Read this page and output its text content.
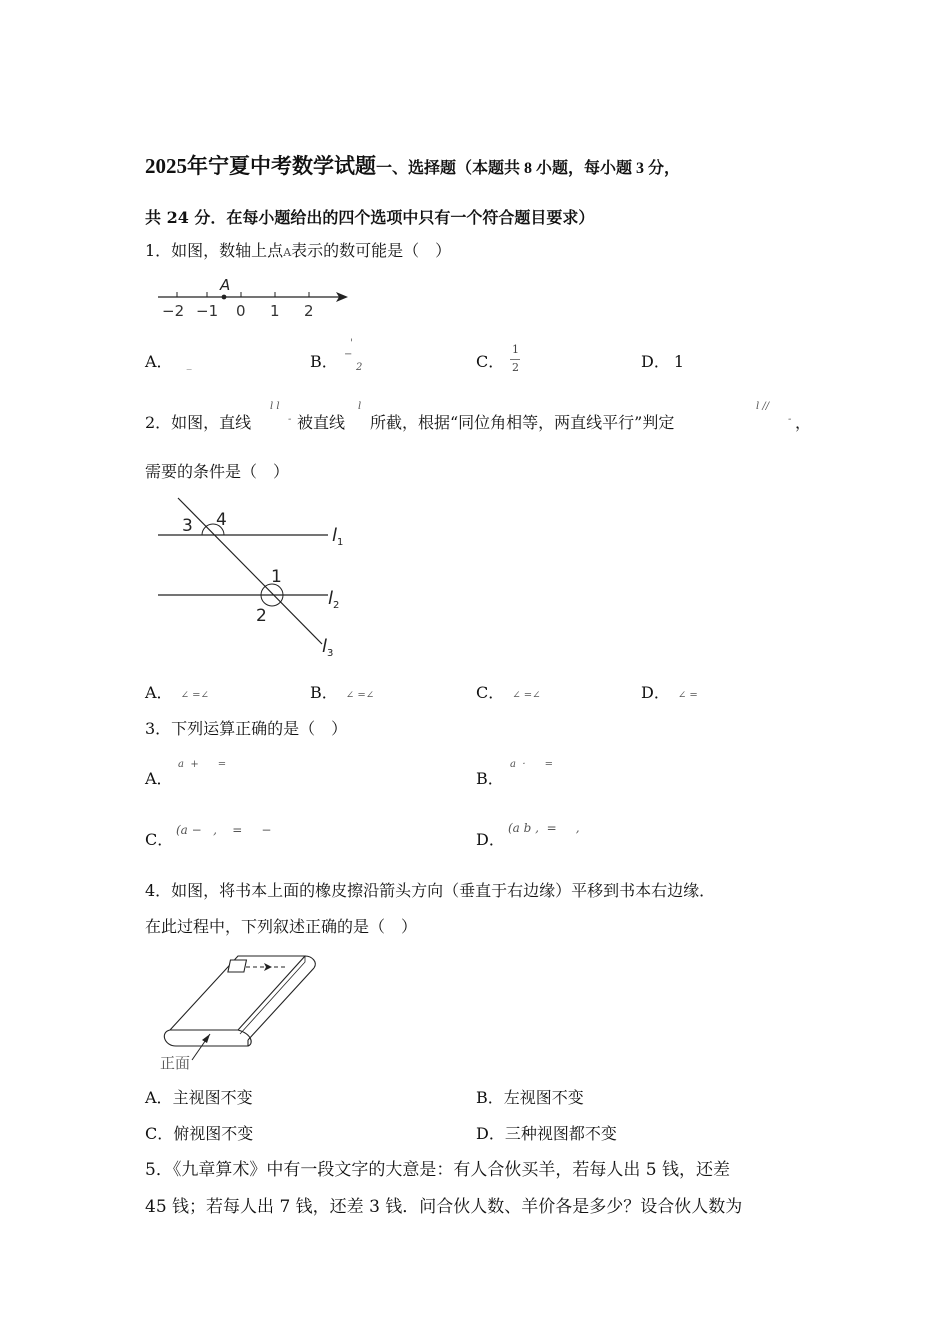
2025年宁夏中考数学试题一、选择题（本题共 8 小题，每小题 3 分，
共 24 分．在每小题给出的四个选项中只有一个符合题目要求）
1．如图，数轴上点A表示的数可能是（　）
A
−2 −1 0 1 2
A． _	B．
'
−
2	C．
1
2	D． 1
2．如图，直线
l l
- 被直线
l
所截，根据“同位角相等，两直线平行”判定
l //
- ，
需要的条件是（　）
3 4
1
2
$l_1$
$l_2$
$l_3$
A． ∠ =∠	B． ∠ =∠	C． ∠ =∠	D． ∠ =
3．下列运算正确的是（　）
A．
a  +      =
B．
a  ·      =
C． (a −   ,    =     −	D．
(a b ,  =     ,
4．如图，将书本上面的橡皮擦沿箭头方向（垂直于右边缘）平移到书本右边缘．
在此过程中，下列叙述正确的是（　）
正面
A．主视图不变	B．左视图不变
C．俯视图不变	D．三种视图都不变
5．《九章算术》中有一段文字的大意是：有人合伙买羊，若每人出 5 钱，还差
45 钱；若每人出 7 钱，还差 3 钱．问合伙人数、羊价各是多少？设合伙人数为
